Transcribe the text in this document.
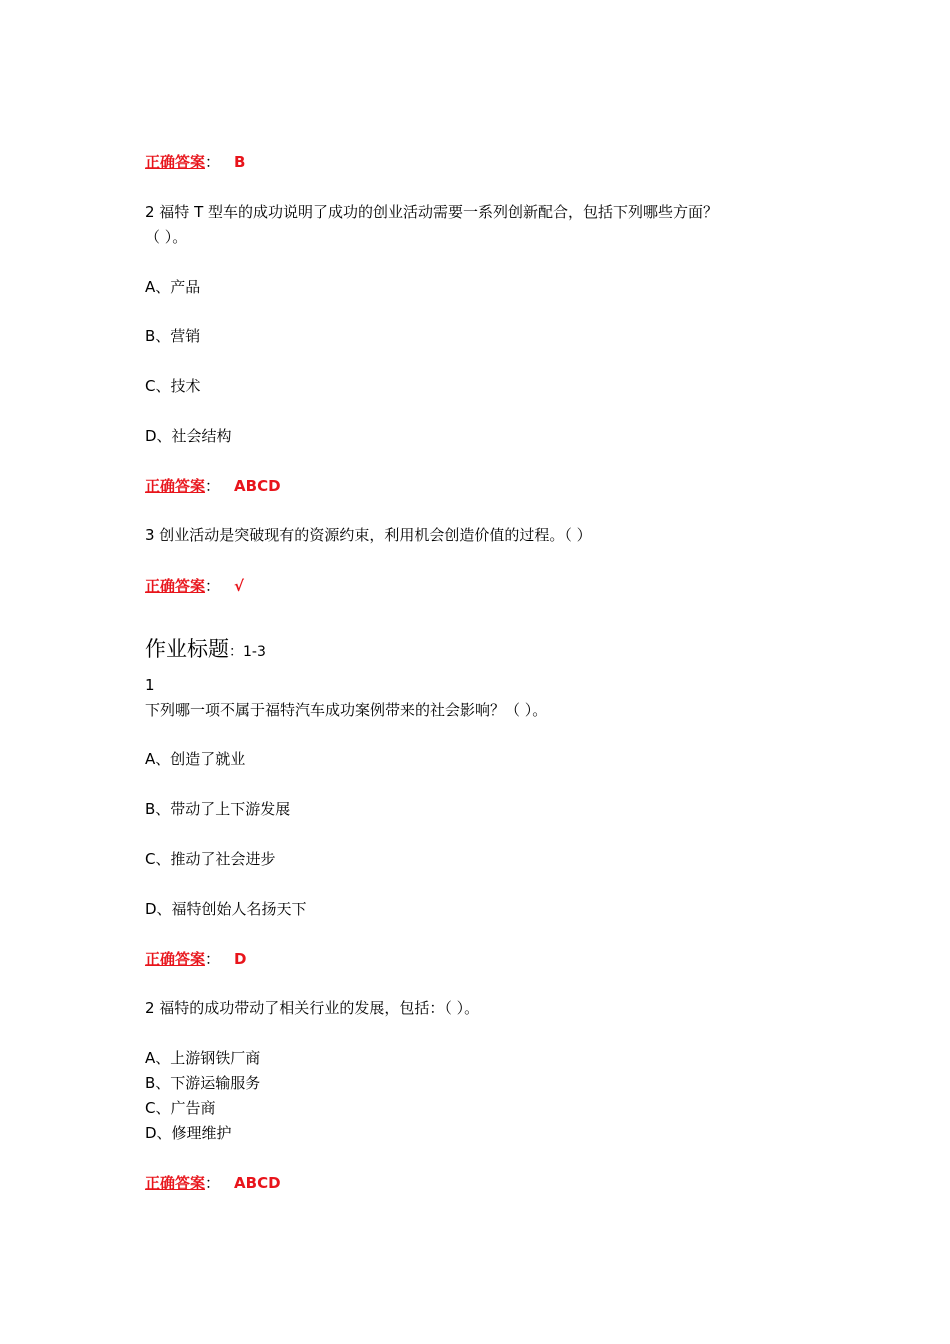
正确答案： B
2 福特 T 型车的成功说明了成功的创业活动需要一系列创新配合，包括下列哪些方面？
（ ）。
A、产品
B、营销
C、技术
D、社会结构
正确答案： ABCD
3 创业活动是突破现有的资源约束，利用机会创造价值的过程。（ ）
正确答案： √
作业标题：1-3
1
下列哪一项不属于福特汽车成功案例带来的社会影响？（ ）。
A、创造了就业
B、带动了上下游发展
C、推动了社会进步
D、福特创始人名扬天下
正确答案： D
2 福特的成功带动了相关行业的发展，包括：（ ）。
A、上游钢铁厂商
B、下游运输服务
C、广告商
D、修理维护
正确答案： ABCD
